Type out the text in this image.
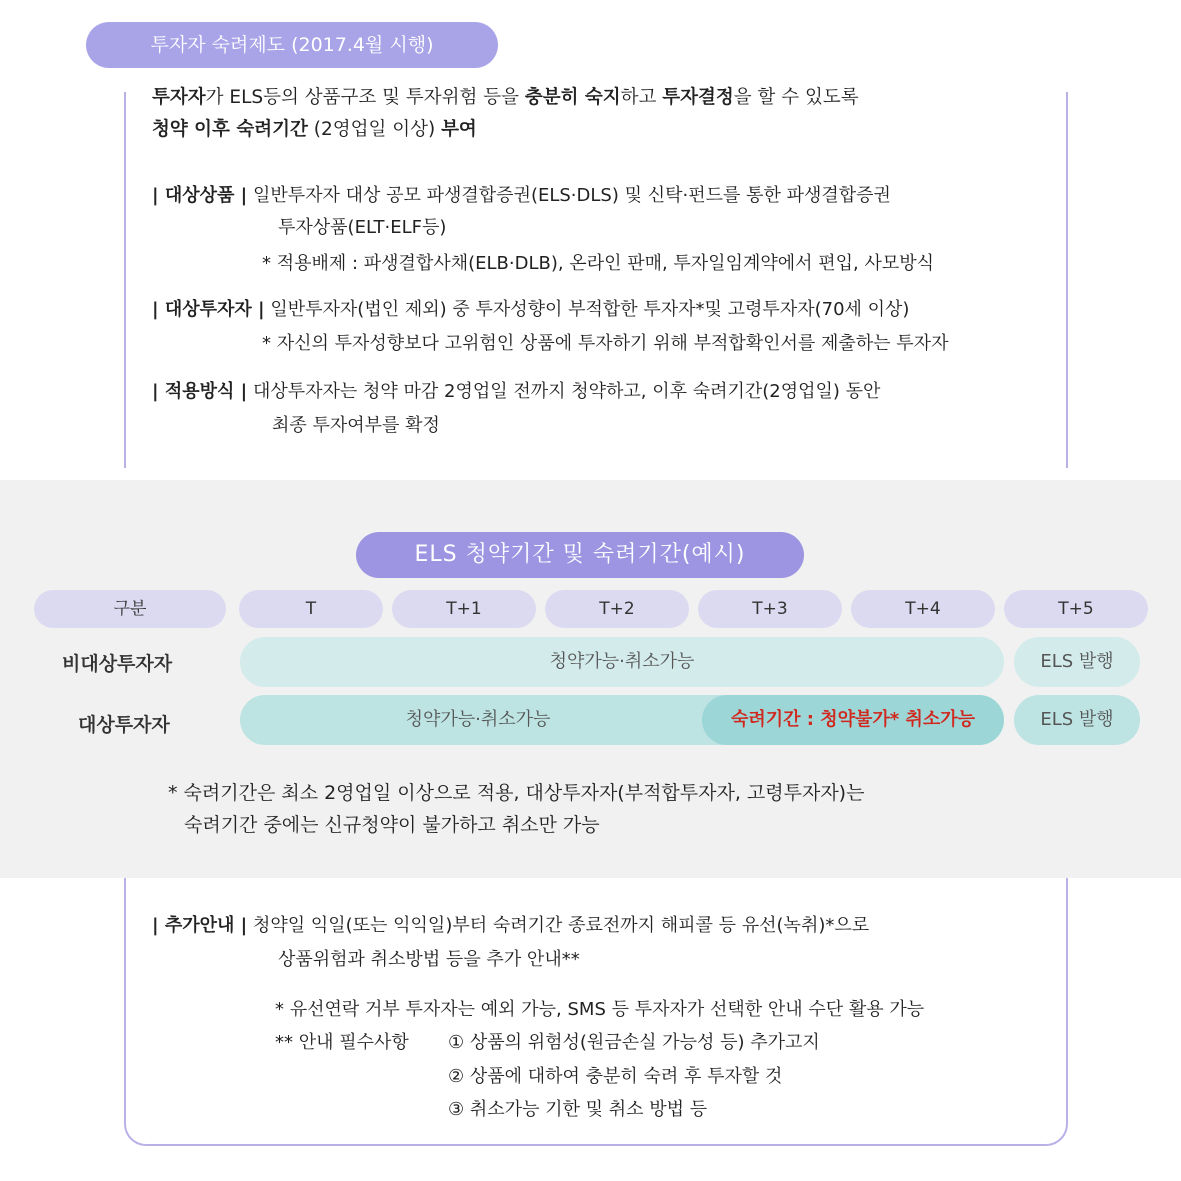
투자자 숙려제도 (2017.4월 시행)
투자자가 ELS등의 상품구조 및 투자위험 등을 충분히 숙지하고 투자결정을 할 수 있도록
청약 이후 숙려기간 (2영업일 이상) 부여
| 대상상품 | 일반투자자 대상 공모 파생결합증권(ELS·DLS) 및 신탁·펀드를 통한 파생결합증권
투자상품(ELT·ELF등)
* 적용배제 : 파생결합사채(ELB·DLB), 온라인 판매, 투자일임계약에서 편입, 사모방식
| 대상투자자 | 일반투자자(법인 제외) 중 투자성향이 부적합한 투자자*및 고령투자자(70세 이상)
* 자신의 투자성향보다 고위험인 상품에 투자하기 위해 부적합확인서를 제출하는 투자자
| 적용방식 | 대상투자자는 청약 마감 2영업일 전까지 청약하고, 이후 숙려기간(2영업일) 동안
최종 투자여부를 확정
ELS 청약기간 및 숙려기간(예시)
구분	T	T+1	T+2	T+3	T+4	T+5
비대상투자자	청약가능·취소가능	ELS 발행
대상투자자	청약가능·취소가능	숙려기간 : 청약불가* 취소가능	ELS 발행
* 숙려기간은 최소 2영업일 이상으로 적용, 대상투자자(부적합투자자, 고령투자자)는
숙려기간 중에는 신규청약이 불가하고 취소만 가능
| 추가안내 | 청약일 익일(또는 익익일)부터 숙려기간 종료전까지 해피콜 등 유선(녹취)*으로
상품위험과 취소방법 등을 추가 안내**
* 유선연락 거부 투자자는 예외 가능, SMS 등 투자자가 선택한 안내 수단 활용 가능
** 안내 필수사항 ① 상품의 위험성(원금손실 가능성 등) 추가고지
② 상품에 대하여 충분히 숙려 후 투자할 것
③ 취소가능 기한 및 취소 방법 등
